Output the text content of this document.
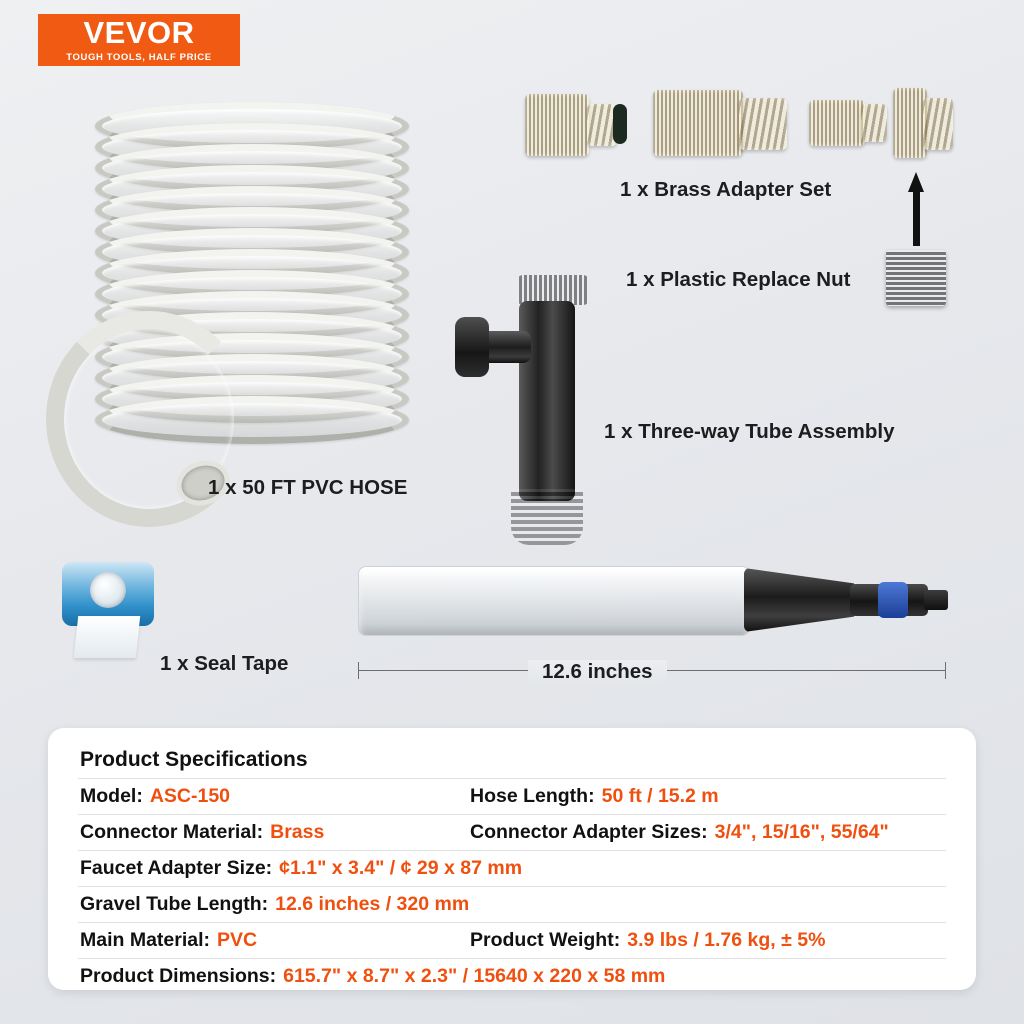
VEVOR
TOUGH TOOLS, HALF PRICE
1 x 50 FT PVC HOSE
1 x Brass Adapter Set
1 x Plastic Replace Nut
1 x Three-way Tube Assembly
1 x Seal Tape	12.6 inches
Product Specifications
Model: ASC-150	Hose Length: 50 ft / 15.2 m
Connector Material: Brass	Connector Adapter Sizes: 3/4", 15/16", 55/64"
Faucet Adapter Size: ¢1.1" x 3.4" / ¢ 29 x 87 mm
Gravel Tube Length: 12.6 inches / 320 mm
Main Material: PVC	Product Weight: 3.9 lbs / 1.76 kg, ± 5%
Product Dimensions: 615.7" x 8.7" x 2.3" / 15640 x 220 x 58 mm
